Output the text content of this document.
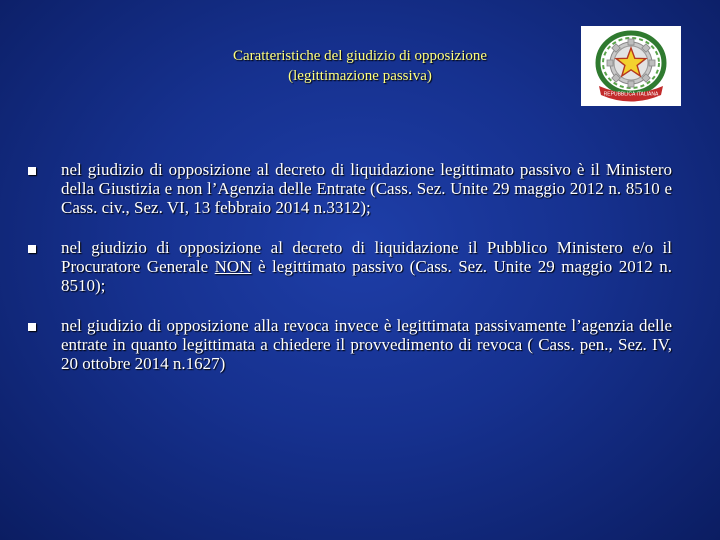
Caratteristiche del giudizio di opposizione
(legittimazione passiva)
REPUBBLICA ITALIANA
nel giudizio di opposizione al decreto di liquidazione legittimato passivo è il Ministero della Giustizia e non l’Agenzia delle Entrate (Cass. Sez. Unite 29 maggio 2012 n. 8510 e Cass. civ., Sez. VI, 13 febbraio 2014 n.3312);
nel giudizio di opposizione al decreto di liquidazione il Pubblico Ministero e/o il Procuratore Generale NON è legittimato passivo (Cass. Sez. Unite 29 maggio 2012 n. 8510);
nel giudizio di opposizione alla revoca invece è legittimata passivamente l’agenzia delle entrate in quanto legittimata a chiedere il provvedimento di revoca ( Cass. pen., Sez. IV, 20 ottobre 2014 n.1627)
